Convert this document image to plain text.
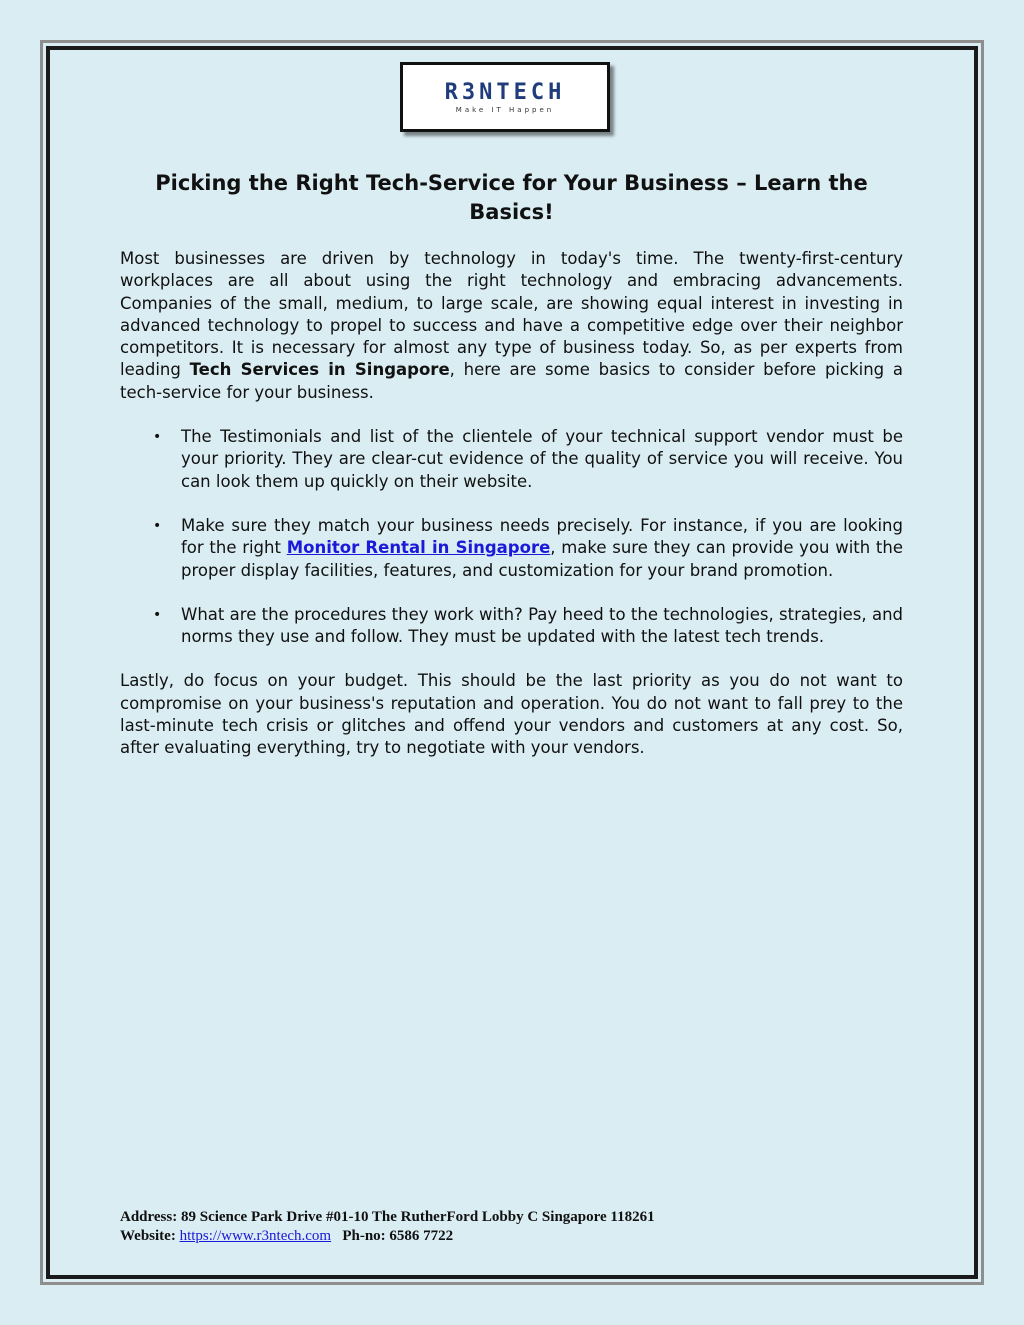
R3NTECH
Make IT Happen
Picking the Right Tech-Service for Your Business – Learn the Basics!

Most businesses are driven by technology in today's time. The twenty-first-century workplaces are all about using the right technology and embracing advancements. Companies of the small, medium, to large scale, are showing equal interest in investing in advanced technology to propel to success and have a competitive edge over their neighbor competitors. It is necessary for almost any type of business today. So, as per experts from leading Tech Services in Singapore, here are some basics to consider before picking a tech-service for your business.

• The Testimonials and list of the clientele of your technical support vendor must be your priority. They are clear-cut evidence of the quality of service you will receive. You can look them up quickly on their website.
• Make sure they match your business needs precisely. For instance, if you are looking for the right Monitor Rental in Singapore, make sure they can provide you with the proper display facilities, features, and customization for your brand promotion.
• What are the procedures they work with? Pay heed to the technologies, strategies, and norms they use and follow. They must be updated with the latest tech trends.

Lastly, do focus on your budget. This should be the last priority as you do not want to compromise on your business's reputation and operation. You do not want to fall prey to the last-minute tech crisis or glitches and offend your vendors and customers at any cost. So, after evaluating everything, try to negotiate with your vendors.

Address: 89 Science Park Drive #01-10 The RutherFord Lobby C Singapore 118261
Website: https://www.r3ntech.com Ph-no: 6586 7722
